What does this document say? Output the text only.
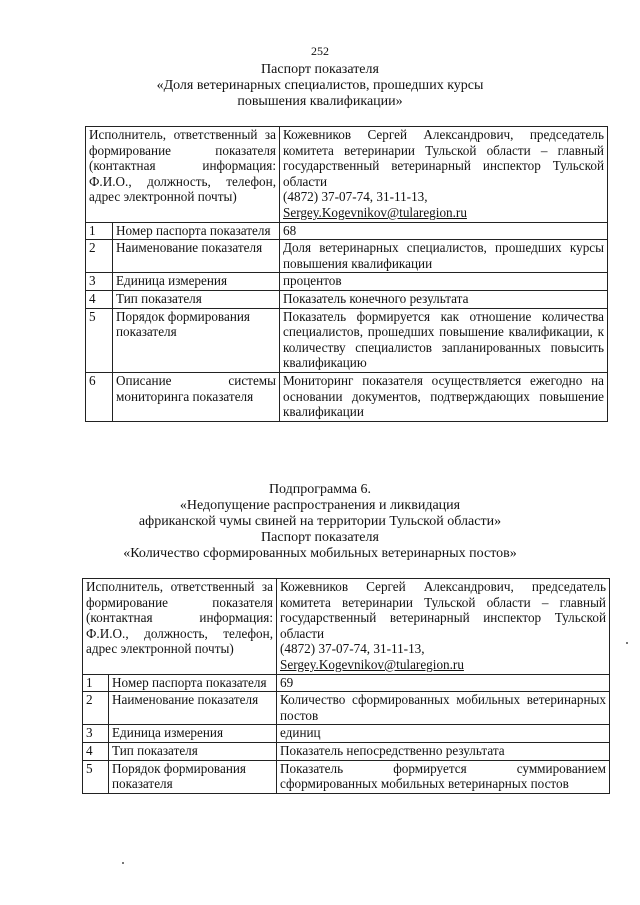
252
Паспорт показателя
«Доля ветеринарных специалистов, прошедших курсы
повышения квалификации»
Исполнитель, ответственный за формирование показателя (контактная информация: Ф.И.О., должность, телефон, адрес электронной почты)		Кожевников Сергей Александрович, председатель комитета ветеринарии Тульской области – главный государственный ветеринарный инспектор Тульской области
(4872) 37-07-74, 31-11-13,
Sergey.Kogevnikov@tularegion.ru
1	Номер паспорта показателя	68
2	Наименование показателя	Доля ветеринарных специалистов, прошедших курсы повышения квалификации
3	Единица измерения	процентов
4	Тип показателя	Показатель конечного результата
5	Порядок формирования показателя	Показатель формируется как отношение количества специалистов, прошедших повышение квалификации, к количеству специалистов запланированных повысить квалификацию
6	Описание системы мониторинга показателя	Мониторинг показателя осуществляется ежегодно на основании документов, подтверждающих повышение квалификации
Подпрограмма 6.
«Недопущение распространения и ликвидация
африканской чумы свиней на территории Тульской области»
Паспорт показателя
«Количество сформированных мобильных ветеринарных постов»
Исполнитель, ответственный за формирование показателя (контактная информация: Ф.И.О., должность, телефон, адрес электронной почты)		Кожевников Сергей Александрович, председатель комитета ветеринарии Тульской области – главный государственный ветеринарный инспектор Тульской области
(4872) 37-07-74, 31-11-13,
Sergey.Kogevnikov@tularegion.ru
1	Номер паспорта показателя	69
2	Наименование показателя	Количество сформированных мобильных ветеринарных постов
3	Единица измерения	единиц
4	Тип показателя	Показатель непосредственно результата
5	Порядок формирования показателя	Показатель формируется суммированием сформированных мобильных ветеринарных постов
